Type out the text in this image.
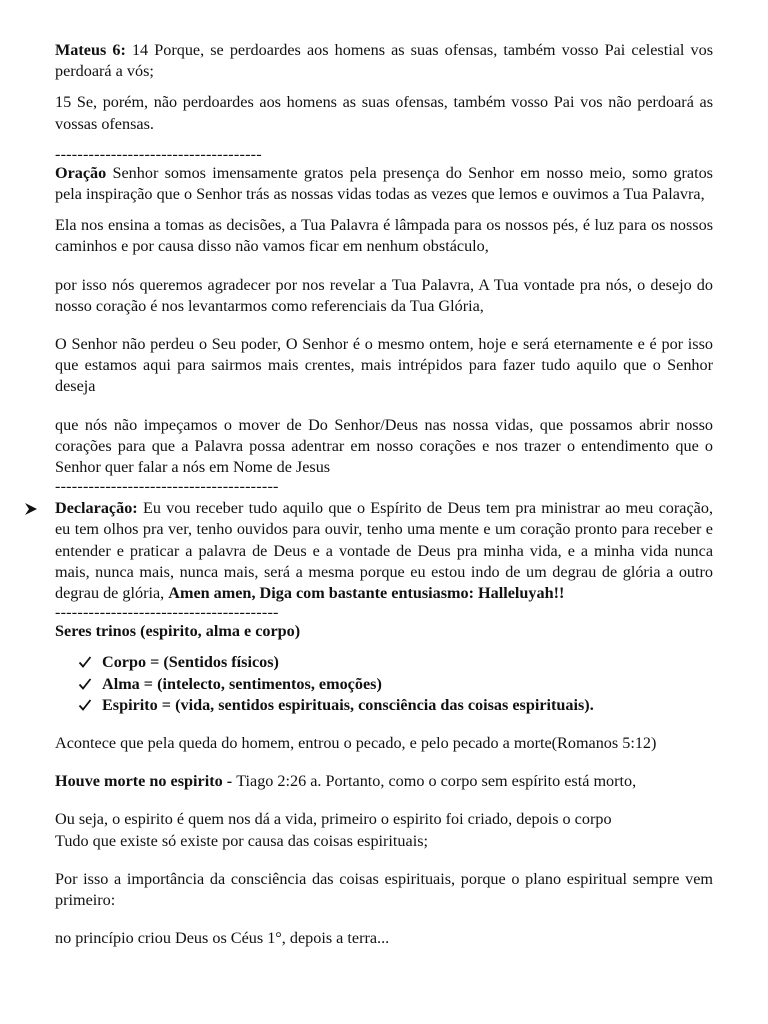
Mateus 6: 14 Porque, se perdoardes aos homens as suas ofensas, também vosso Pai celestial vos perdoará a vós;

15 Se, porém, não perdoardes aos homens as suas ofensas, também vosso Pai vos não perdoará as vossas ofensas.

-------------------------------------

Oração Senhor somos imensamente gratos pela presença do Senhor em nosso meio, somo gratos pela inspiração que o Senhor trás as nossas vidas todas as vezes que lemos e ouvimos a Tua Palavra,

Ela nos ensina a tomas as decisões, a Tua Palavra é lâmpada para os nossos pés, é luz para os nossos caminhos e por causa disso não vamos ficar em nenhum obstáculo,

por isso nós queremos agradecer por nos revelar a Tua Palavra, A Tua vontade pra nós, o desejo do nosso coração é nos levantarmos como referenciais da Tua Glória,

O Senhor não perdeu o Seu poder, O Senhor é o mesmo ontem, hoje e será eternamente e é por isso que estamos aqui para sairmos mais crentes, mais intrépidos para fazer tudo aquilo que o Senhor deseja

que nós não impeçamos o mover de Do Senhor/Deus nas nossa vidas, que possamos abrir nosso corações para que a Palavra possa adentrar em nosso corações e nos trazer o entendimento que o Senhor quer falar a nós em Nome de Jesus

----------------------------------------

Declaração: Eu vou receber tudo aquilo que o Espírito de Deus tem pra ministrar ao meu coração, eu tem olhos pra ver, tenho ouvidos para ouvir, tenho uma mente e um coração pronto para receber e entender e praticar a palavra de Deus e a vontade de Deus pra minha vida, e a minha vida nunca mais, nunca mais, nunca mais, será a mesma porque eu estou indo de um degrau de glória a outro degrau de glória, Amen amen, Diga com bastante entusiasmo: Halleluyah!!

----------------------------------------

Seres trinos (espirito, alma e corpo)

Corpo = (Sentidos físicos)
Alma = (intelecto, sentimentos, emoções)
Espirito = (vida, sentidos espirituais, consciência das coisas espirituais).

Acontece que pela queda do homem, entrou o pecado, e pelo pecado a morte(Romanos 5:12)

Houve morte no espirito - Tiago 2:26 a. Portanto, como o corpo sem espírito está morto,

Ou seja, o espirito é quem nos dá a vida, primeiro o espirito foi criado, depois o corpo

Tudo que existe só existe por causa das coisas espirituais;

Por isso a importância da consciência das coisas espirituais, porque o plano espiritual sempre vem primeiro:

no princípio criou Deus os Céus 1°, depois a terra...
